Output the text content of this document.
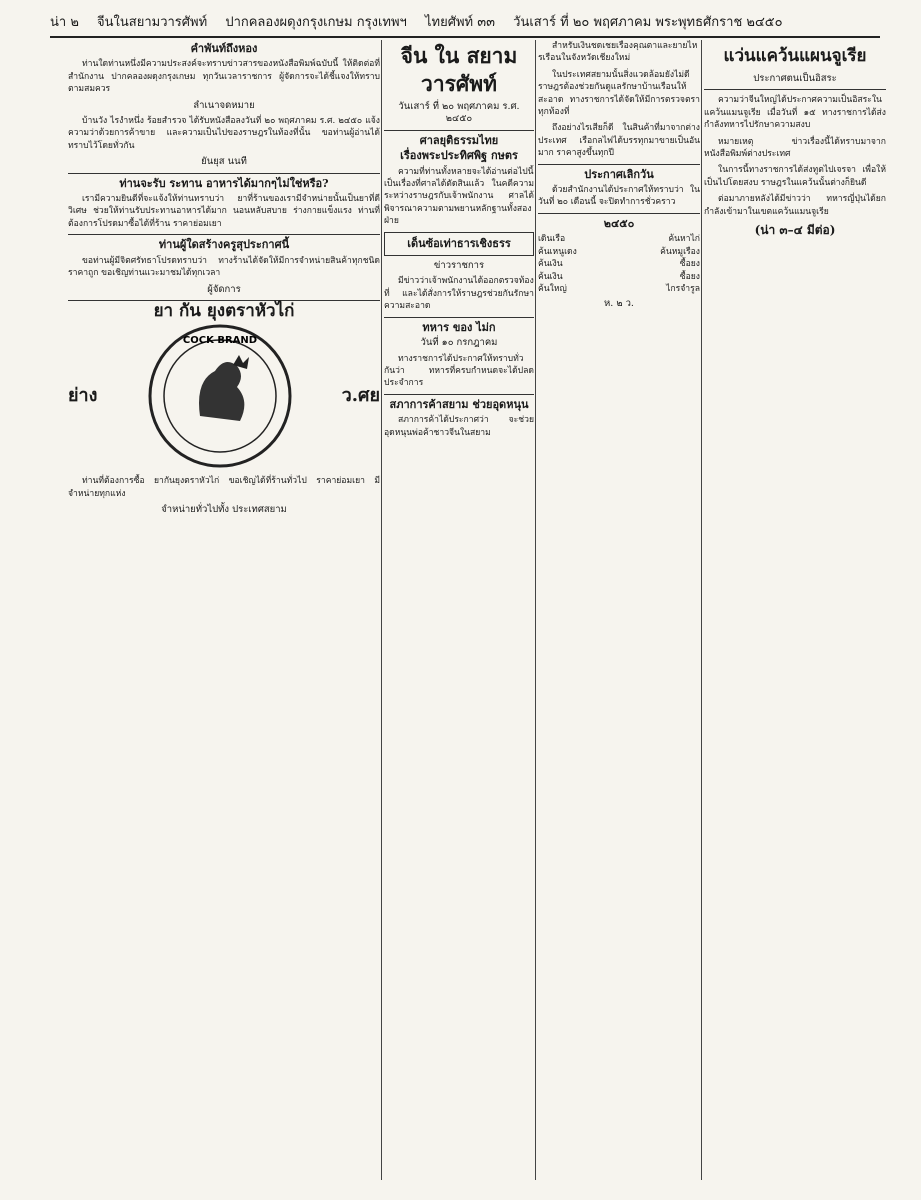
น่า ๒ จีนในสยามวารศัพท์ ปากคลองผดุงกรุงเกษม กรุงเทพฯ ไทยศัพท์ ๓๓ วันเสาร์ ที่ ๒๐ พฤศภาคม พระพุทธศักราช ๒๔๕๐
คำพันท์ถึงหอง
ท่านใดท่านหนึ่งมีความประสงค์จะทราบข่าวสารของหนังสือพิมพ์ฉบับนี้ ให้ติดต่อที่สำนักงาน ปากคลองผดุงกรุงเกษม ทุกวันเวลาราชการ ผู้จัดการจะได้ชี้แจงให้ทราบตามสมควร
ลำเนาจดหมาย
บ้านวัง ไรงำหนึ่ง ร้อยสำรวจ ได้รับหนังสือลงวันที่ ๒๐ พฤศภาคม ร.ศ. ๒๔๕๐ แจ้งความว่าด้วยการค้าขาย และความเป็นไปของราษฎรในท้องที่นั้น ขอท่านผู้อ่านได้ทราบไว้โดยทั่วกัน
ยันยุส นนที
ท่านจะรับ ระทาน อาหารได้มากๆไม่ใช่หรือ?
เรามีความยินดีที่จะแจ้งให้ท่านทราบว่า ยาที่ร้านของเรามีจำหน่ายนั้นเป็นยาที่ดีวิเศษ ช่วยให้ท่านรับประทานอาหารได้มาก นอนหลับสบาย ร่างกายแข็งแรง ท่านที่ต้องการโปรดมาซื้อได้ที่ร้าน ราคาย่อมเยา
ท่านผู้ใดสร้างครูสุประกาศนี้
ขอท่านผู้มีจิตศรัทธาโปรดทราบว่า ทางร้านได้จัดให้มีการจำหน่ายสินค้าทุกชนิด ราคาถูก ขอเชิญท่านแวะมาชมได้ทุกเวลา
ผู้จัดการ
ยา กัน ยุงตราหัวไก่
ย่าง
COCK BRAND
ว.ศย
ท่านที่ต้องการซื้อ ยากันยุงตราหัวไก่ ขอเชิญได้ที่ร้านทั่วไป ราคาย่อมเยา มีจำหน่ายทุกแห่ง
จำหน่ายทั่วไปทั้ง ประเทศสยาม
จีน ใน สยาม วารศัพท์
วันเสาร์ ที่ ๒๐ พฤศภาคม ร.ศ. ๒๔๕๐
ศาลยุติธรรมไทย
เรื่องพระประทิศพิฐ กษตร
ความที่ท่านทั้งหลายจะได้อ่านต่อไปนี้ เป็นเรื่องที่ศาลได้ตัดสินแล้ว ในคดีความระหว่างราษฎรกับเจ้าพนักงาน ศาลได้พิจารณาความตามพยานหลักฐานทั้งสองฝ่าย
เด็นซ้อเท่าธารเชิงธรร
ข่าวราชการ
มีข่าวว่าเจ้าพนักงานได้ออกตรวจท้องที่ และได้สั่งการให้ราษฎรช่วยกันรักษาความสะอาด
ทหาร ของ ไม่ก
วันที่ ๑๐ กรกฎาคม
ทางราชการได้ประกาศให้ทราบทั่วกันว่า ทหารที่ครบกำหนดจะได้ปลดประจำการ
สภาการค้าสยาม ช่วยอุดหนุน
สภาการค้าได้ประกาศว่า จะช่วยอุดหนุนพ่อค้าชาวจีนในสยาม
สำหรับเงินชดเชยเรื่องคุณตาและยายไหรเรือนในจังหวัดเชียงใหม่
ในประเทศสยามนั้นสิ่งแวดล้อมยังไม่ดี ราษฎรต้องช่วยกันดูแลรักษาบ้านเรือนให้สะอาด ทางราชการได้จัดให้มีการตรวจตราทุกท้องที่
ถึงอย่างไรเสียก็ดี ในสินค้าที่มาจากต่างประเทศ เรือกลไฟได้บรรทุกมาขายเป็นอันมาก ราคาสูงขึ้นทุกปี
ประกาศเลิกวัน
ด้วยสำนักงานได้ประกาศให้ทราบว่า ในวันที่ ๒๐ เดือนนี้ จะปิดทำการชั่วคราว
๒๔๕๐
เดินเรือ	ค้นหาไก่
ค้นเหนูเดง	ค้นหมูเรือง
ค้นเงิน	ซื้อยง
ค้นเงิน	ซื้อยง
ค้นใหญ่	ไกรจำรูล
ห. ๒ ว.
แว่นแคว้นแผนจูเรีย
ประกาศตนเป็นอิสระ
ความว่าจีนใหญ่ได้ประกาศความเป็นอิสระในแคว้นแมนจูเรีย เมื่อวันที่ ๑๕ ทางราชการได้ส่งกำลังทหารไปรักษาความสงบ
หมายเหตุ ข่าวเรื่องนี้ได้ทราบมาจากหนังสือพิมพ์ต่างประเทศ
ในการนี้ทางราชการได้ส่งทูตไปเจรจา เพื่อให้เป็นไปโดยสงบ ราษฎรในแคว้นนั้นต่างก็ยินดี
ต่อมาภายหลังได้มีข่าวว่า ทหารญี่ปุ่นได้ยกกำลังเข้ามาในเขตแคว้นแมนจูเรีย
(น่า ๓–๔ มีต่อ)
